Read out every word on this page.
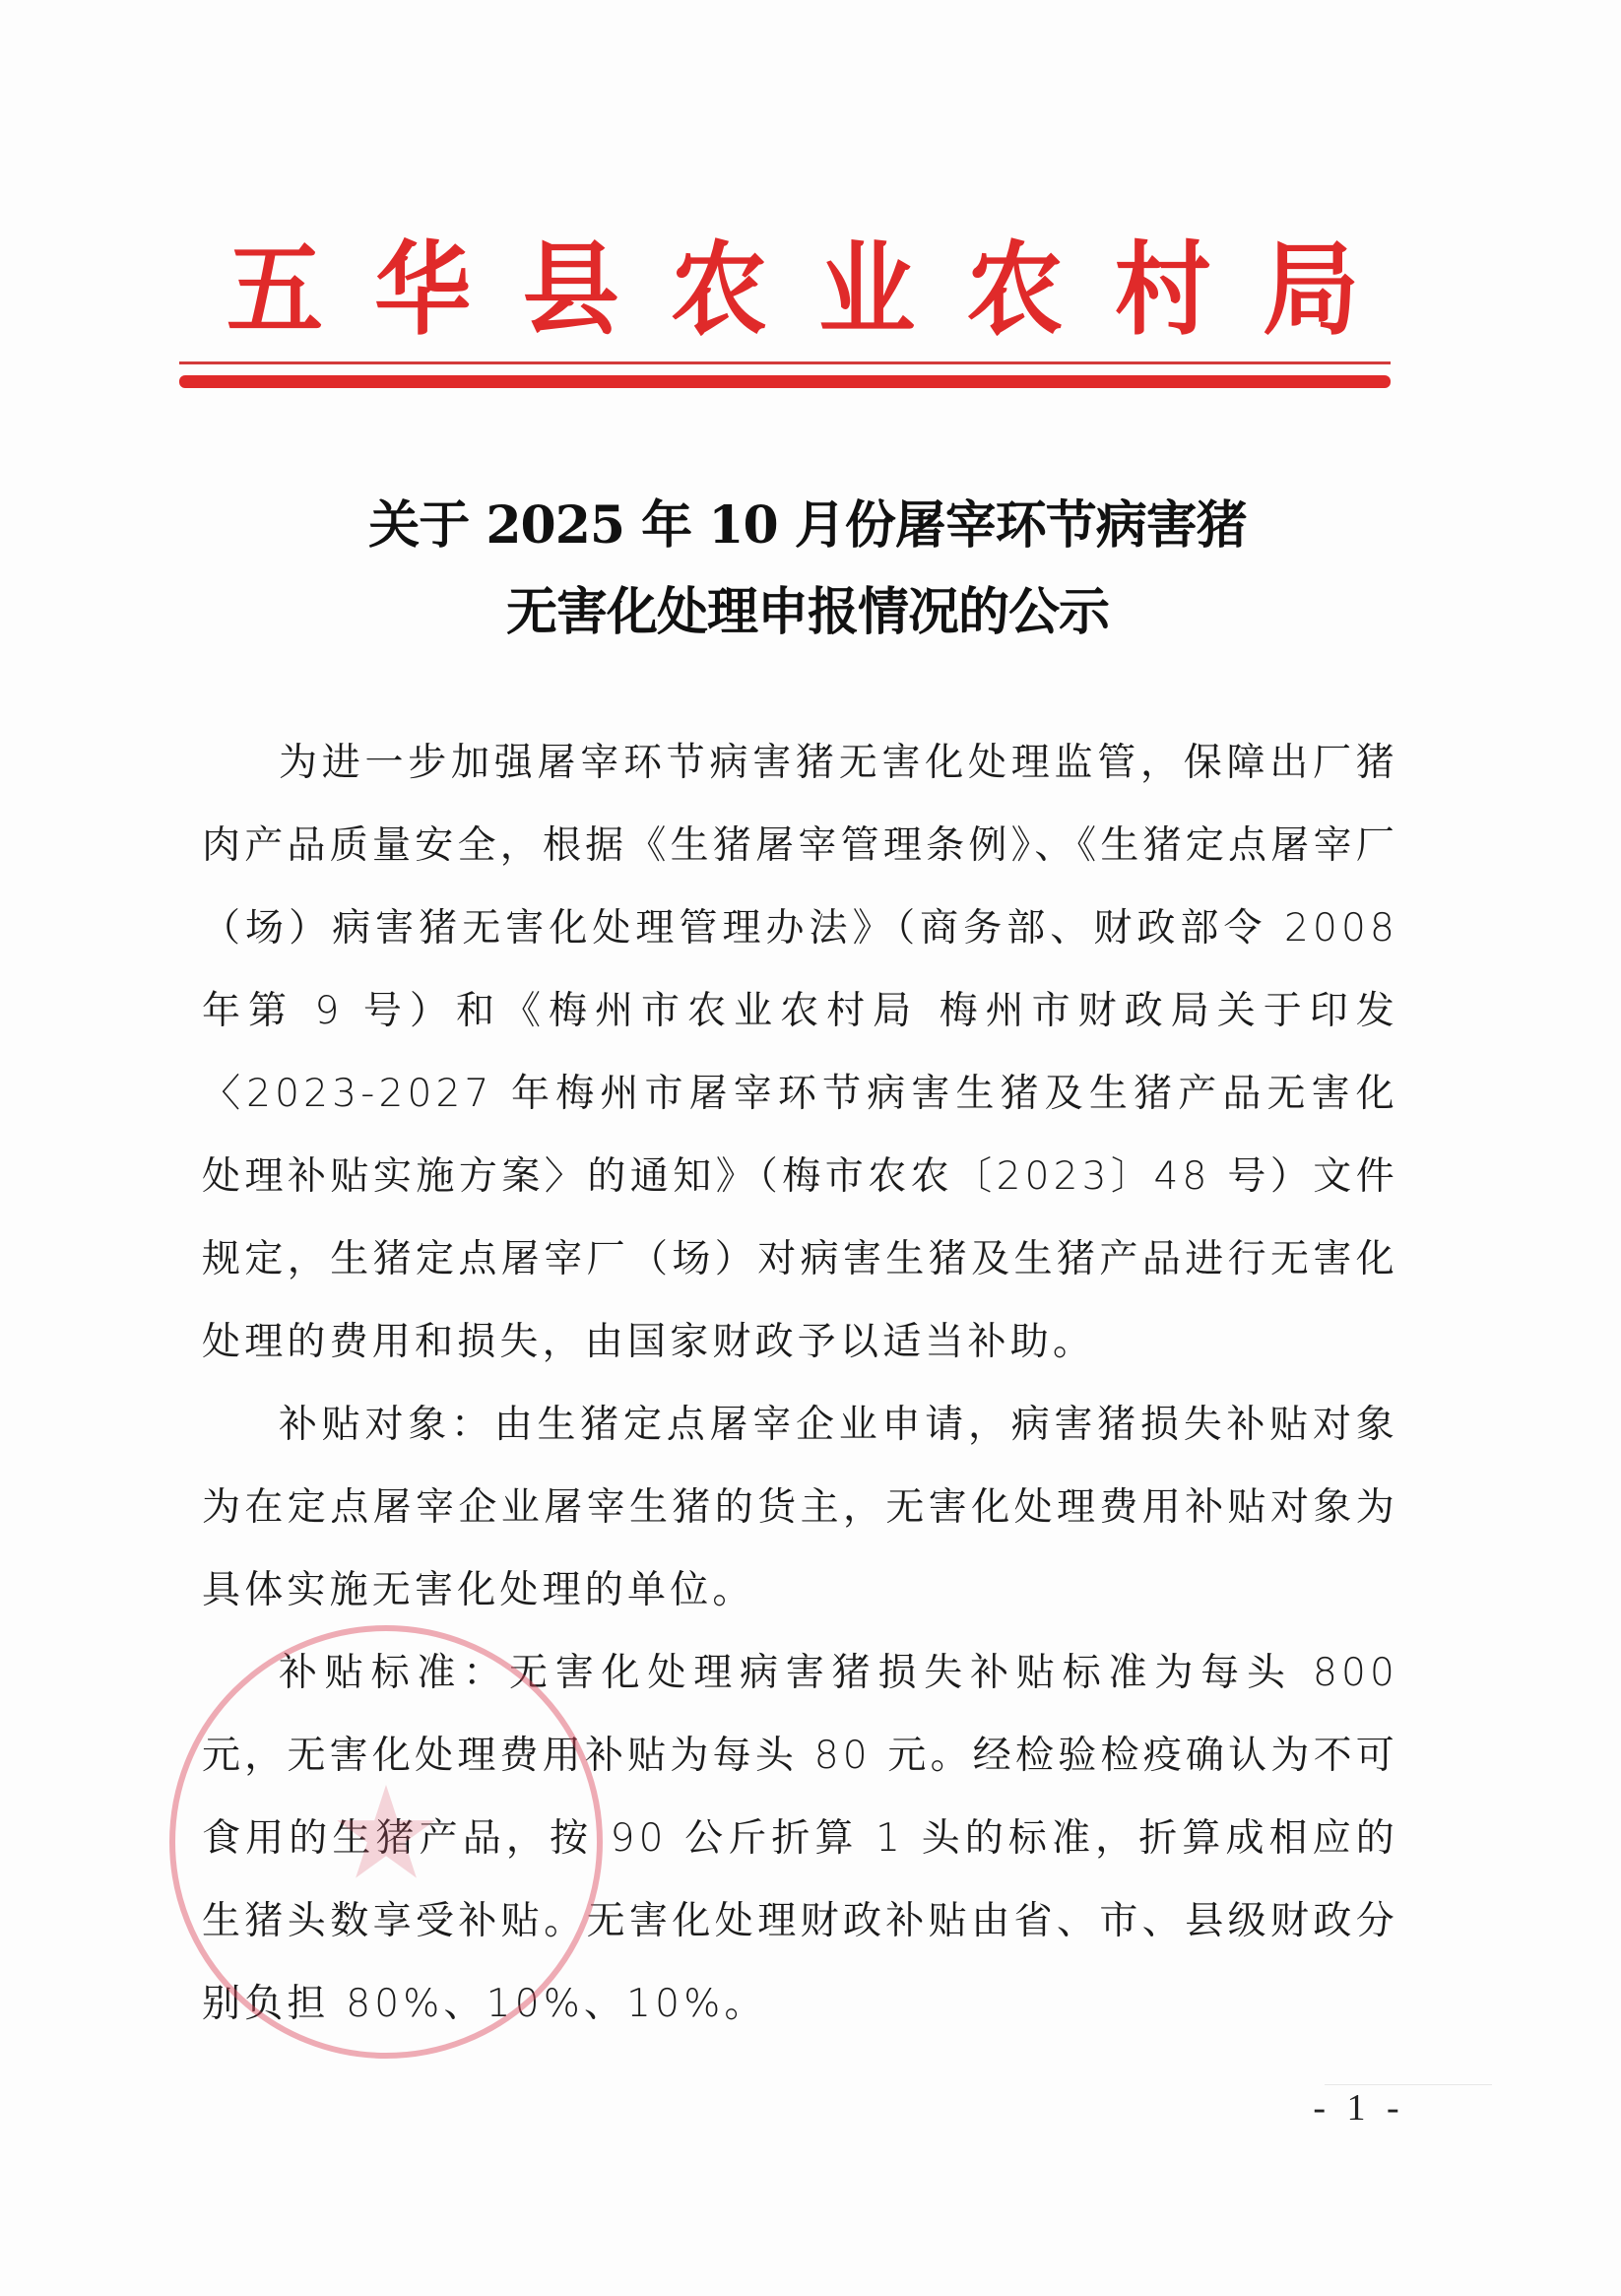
五 华 县 农 业 农 村 局
关于 2025 年 10 月份屠宰环节病害猪
无害化处理申报情况的公示

为进一步加强屠宰环节病害猪无害化处理监管，保障出厂猪肉产品质量安全，根据《生猪屠宰管理条例》、《生猪定点屠宰厂（场）病害猪无害化处理管理办法》（商务部、财政部令 2008 年第 9 号）和《梅州市农业农村局 梅州市财政局关于印发〈2023-2027 年梅州市屠宰环节病害生猪及生猪产品无害化处理补贴实施方案〉的通知》（梅市农农〔2023〕48 号）文件规定，生猪定点屠宰厂（场）对病害生猪及生猪产品进行无害化处理的费用和损失，由国家财政予以适当补助。

补贴对象：由生猪定点屠宰企业申请，病害猪损失补贴对象为在定点屠宰企业屠宰生猪的货主，无害化处理费用补贴对象为具体实施无害化处理的单位。

补贴标准：无害化处理病害猪损失补贴标准为每头 800 元，无害化处理费用补贴为每头 80 元。经检验检疫确认为不可食用的生猪产品，按 90 公斤折算 1 头的标准，折算成相应的生猪头数享受补贴。无害化处理财政补贴由省、市、县级财政分别负担 80%、10%、10%。

★
- 1 -
